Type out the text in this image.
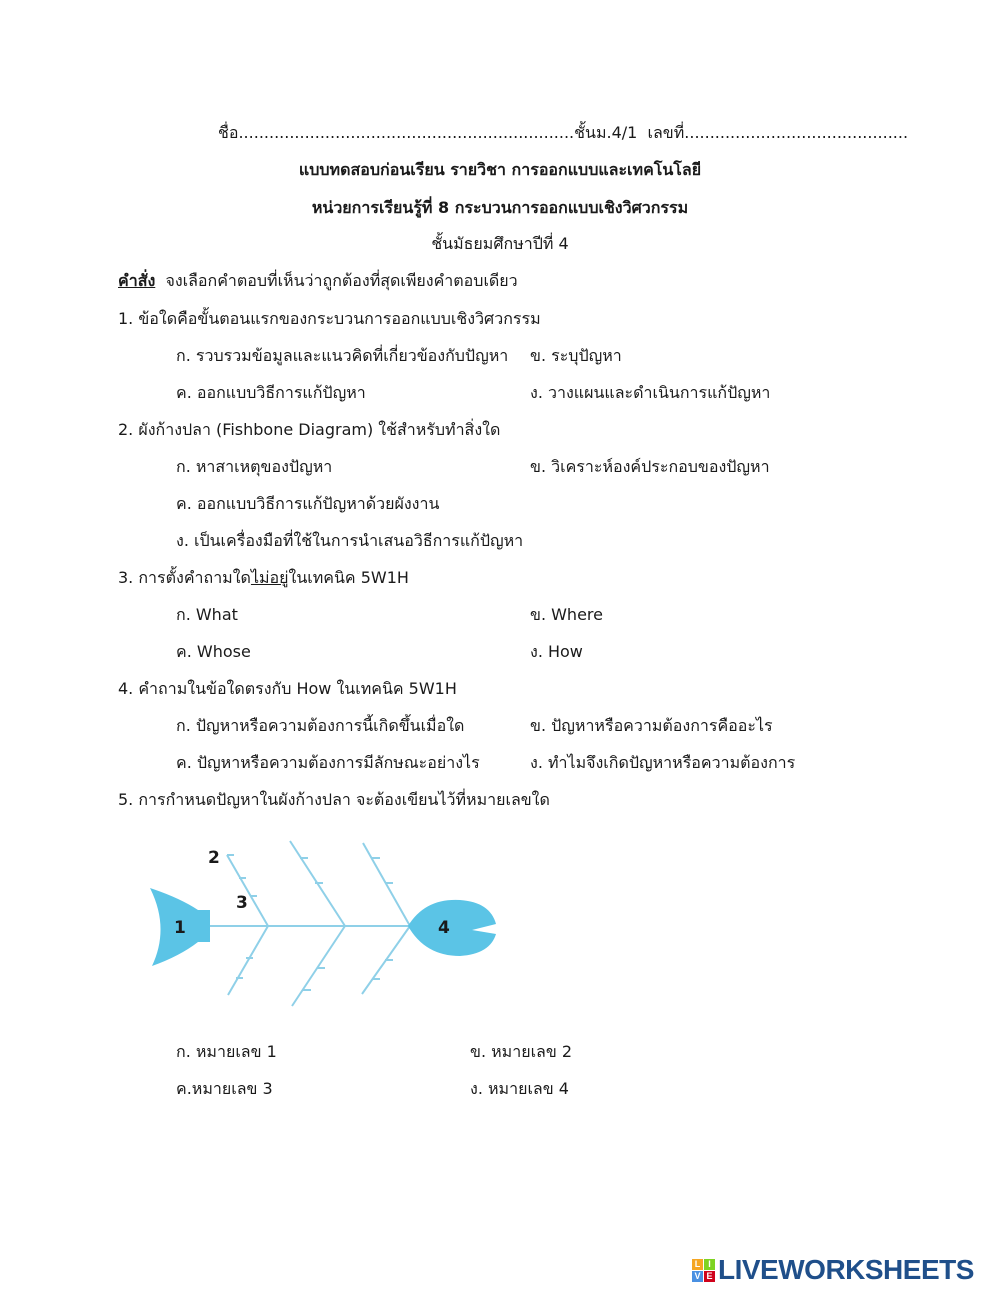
ชื่อ..................................................................ชั้นม.4/1 เลขที่............................................
แบบทดสอบก่อนเรียน รายวิชา การออกแบบและเทคโนโลยี
หน่วยการเรียนรู้ที่ 8 กระบวนการออกแบบเชิงวิศวกรรม
ชั้นมัธยมศึกษาปีที่ 4
คำสั่ง จงเลือกคำตอบที่เห็นว่าถูกต้องที่สุดเพียงคำตอบเดียว
1. ข้อใดคือขั้นตอนแรกของกระบวนการออกแบบเชิงวิศวกรรม
ก. รวบรวมข้อมูลและแนวคิดที่เกี่ยวข้องกับปัญหา ข. ระบุปัญหา
ค. ออกแบบวิธีการแก้ปัญหา	ง. วางแผนและดำเนินการแก้ปัญหา
2. ผังก้างปลา (Fishbone Diagram) ใช้สำหรับทำสิ่งใด
ก. หาสาเหตุของปัญหา	ข. วิเคราะห์องค์ประกอบของปัญหา
ค. ออกแบบวิธีการแก้ปัญหาด้วยผังงาน
ง. เป็นเครื่องมือที่ใช้ในการนำเสนอวิธีการแก้ปัญหา
3. การตั้งคำถามใดไม่อยู่ในเทคนิค 5W1H
ก. What	ข. Where
ค. Whose	ง. How
4. คำถามในข้อใดตรงกับ How ในเทคนิค 5W1H
ก. ปัญหาหรือความต้องการนี้เกิดขึ้นเมื่อใด	ข. ปัญหาหรือความต้องการคืออะไร
ค. ปัญหาหรือความต้องการมีลักษณะอย่างไร	ง. ทำไมจึงเกิดปัญหาหรือความต้องการ
5. การกำหนดปัญหาในผังก้างปลา จะต้องเขียนไว้ที่หมายเลขใด
1
2
3
4
ก. หมายเลข 1	ข. หมายเลข 2
ค.หมายเลข 3	ง. หมายเลข 4
L I
V E LIVEWORKSHEETS
